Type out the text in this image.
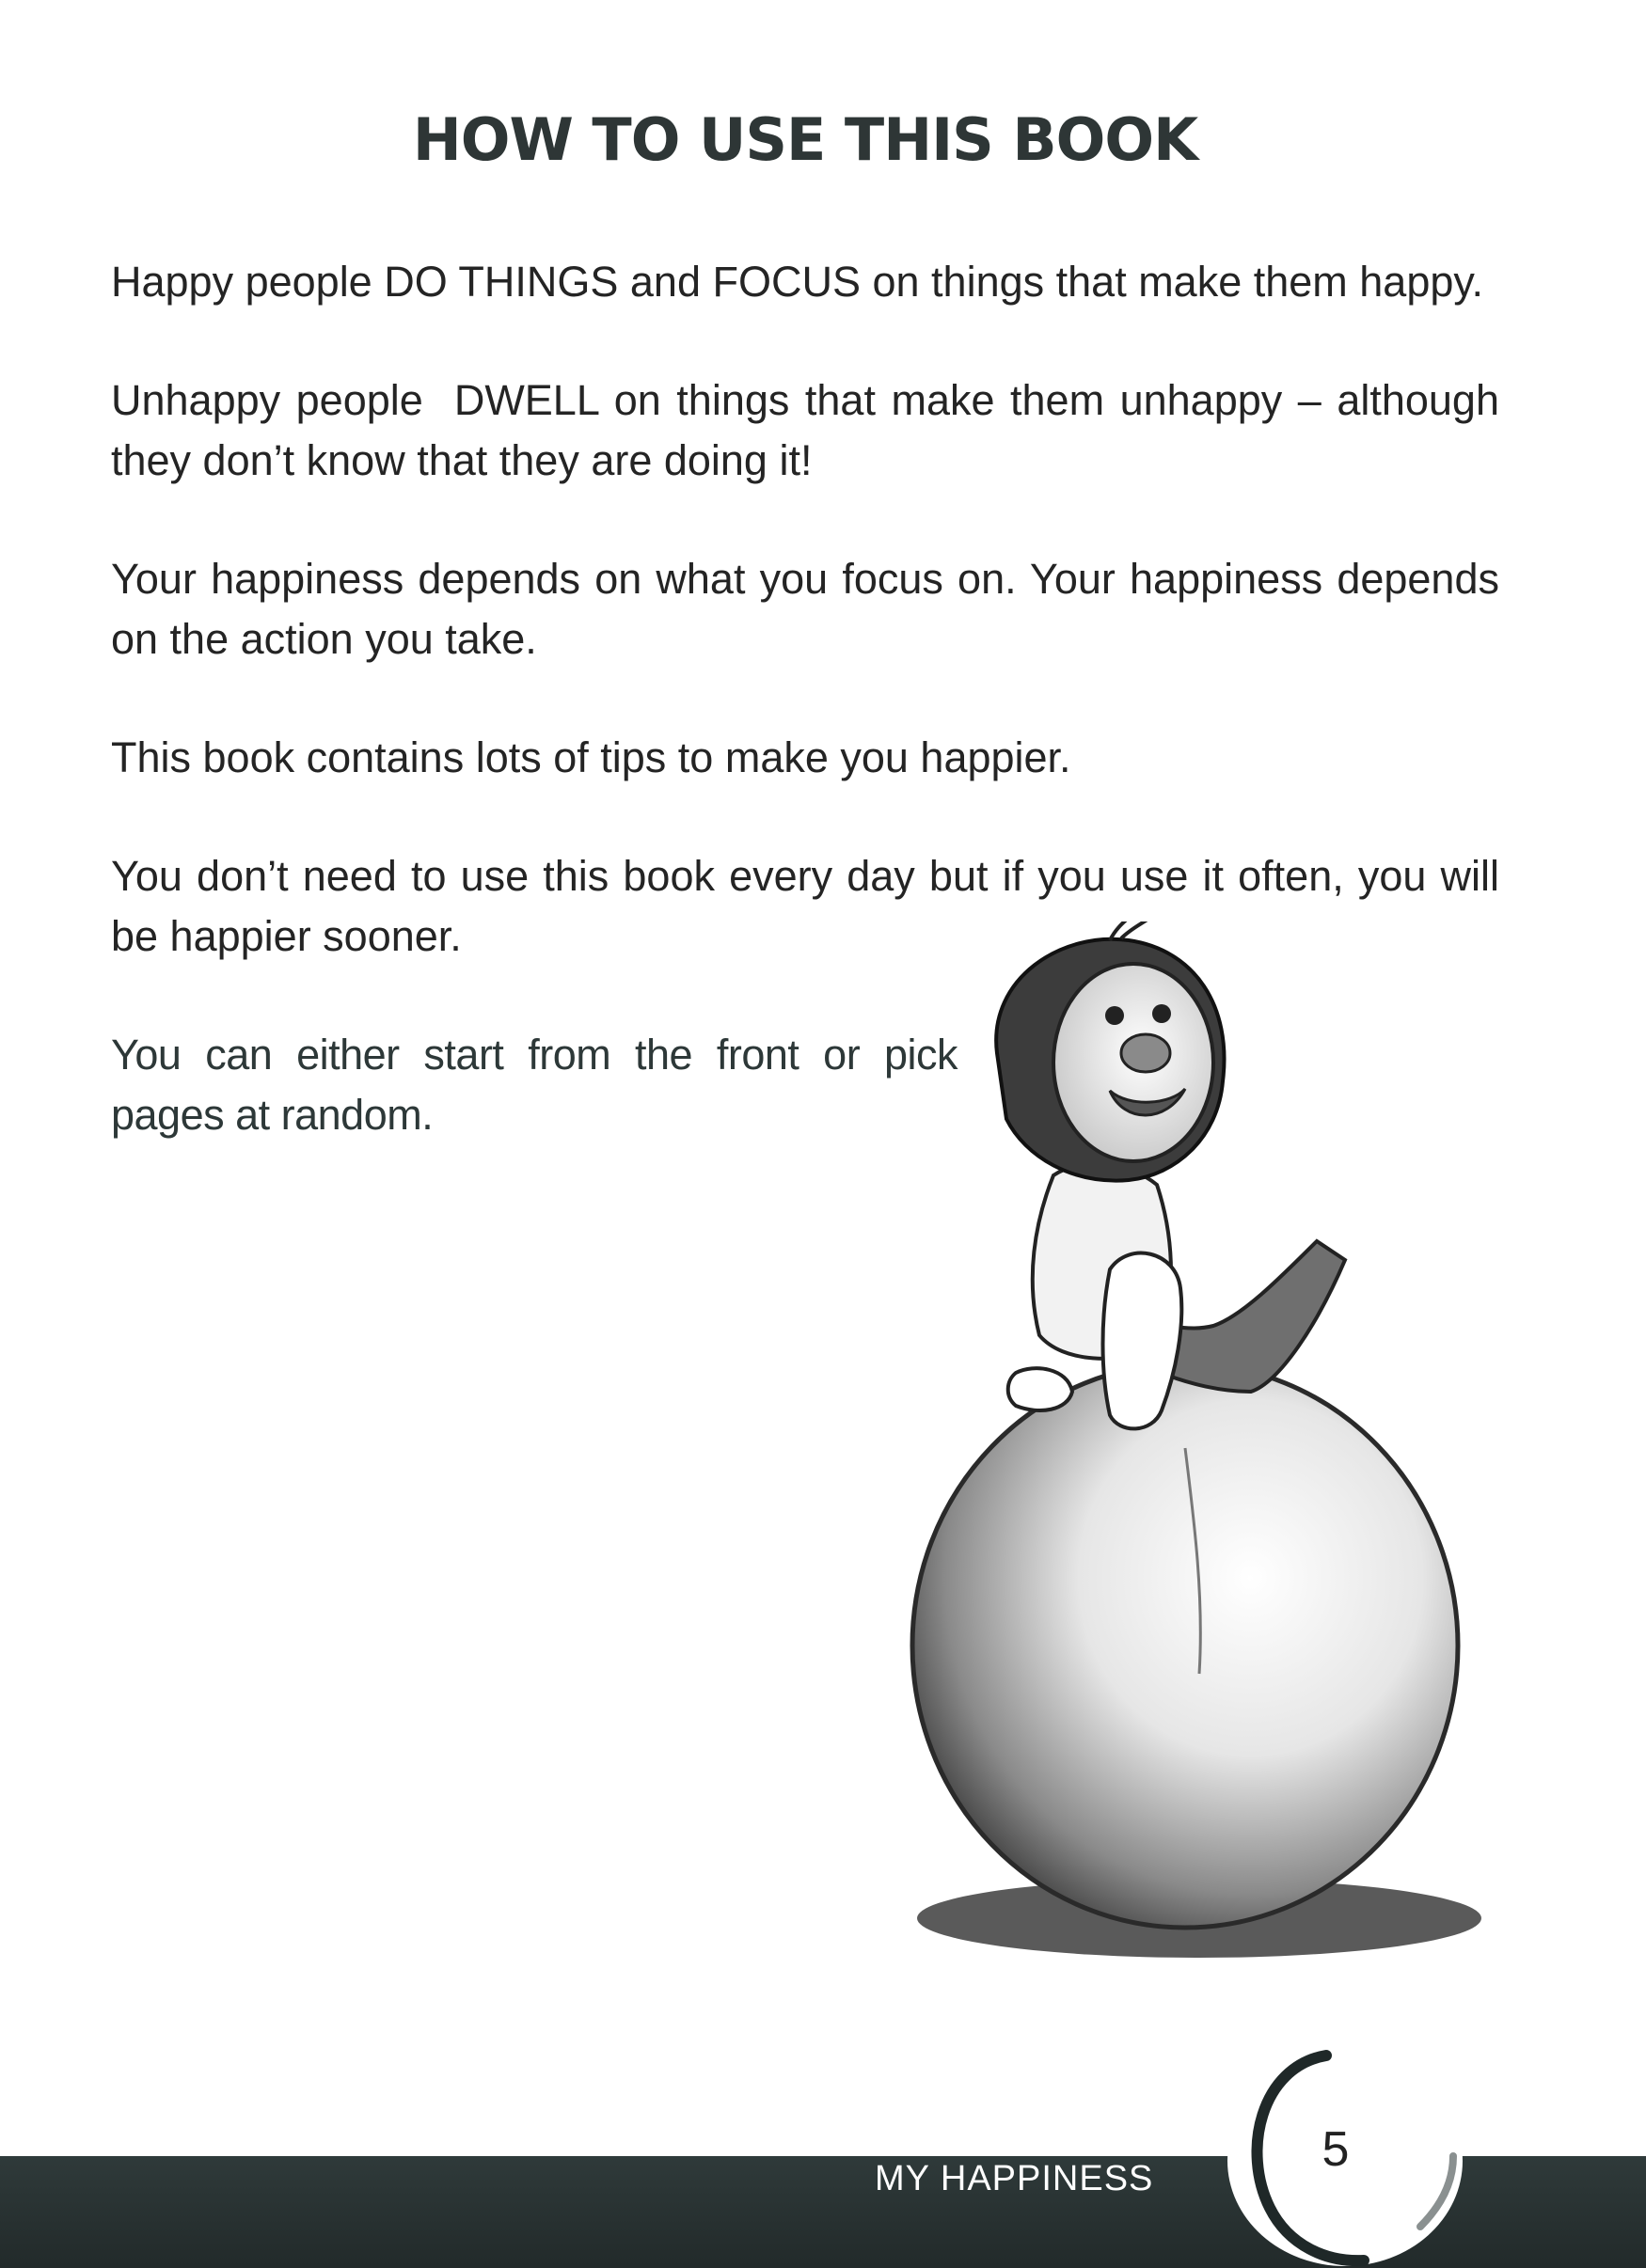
HOW TO USE THIS BOOK

Happy people DO THINGS and FOCUS on things that make them happy.

Unhappy people  DWELL on things that make them unhappy – although they don’t know that they are doing it!

Your happiness depends on what you focus on. Your happiness depends on the action you take.

This book contains lots of tips to make you happier.

You don’t need to use this book every day but if you use it often, you will be happier sooner.

You can either start from the front or pick pages at random.

MY HAPPINESS
5
